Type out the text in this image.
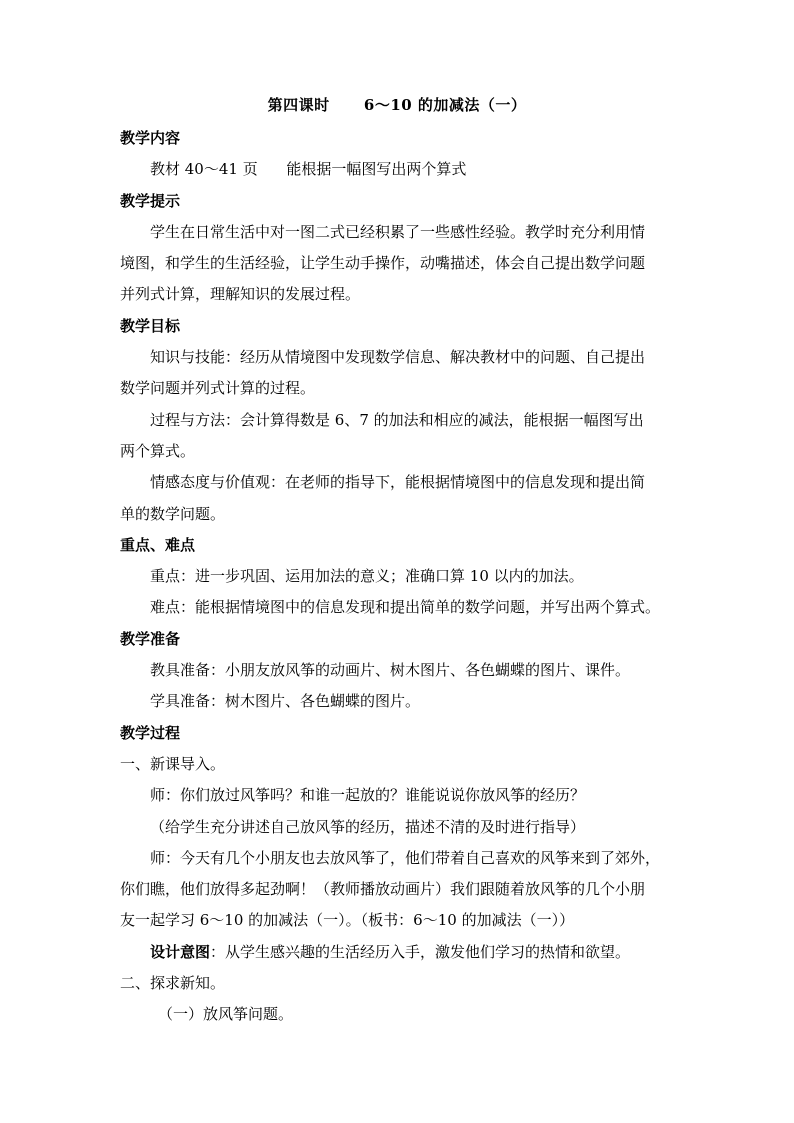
第四课时      6～10 的加减法（一）
教学内容
教材 40～41 页      能根据一幅图写出两个算式
教学提示
学生在日常生活中对一图二式已经积累了一些感性经验。教学时充分利用情
境图，和学生的生活经验，让学生动手操作，动嘴描述，体会自己提出数学问题
并列式计算，理解知识的发展过程。
教学目标
知识与技能：经历从情境图中发现数学信息、解决教材中的问题、自己提出
数学问题并列式计算的过程。
过程与方法：会计算得数是 6、7 的加法和相应的减法，能根据一幅图写出
两个算式。
情感态度与价值观：在老师的指导下，能根据情境图中的信息发现和提出简
单的数学问题。
重点、难点
重点：进一步巩固、运用加法的意义；准确口算 10 以内的加法。
难点：能根据情境图中的信息发现和提出简单的数学问题，并写出两个算式。
教学准备
教具准备：小朋友放风筝的动画片、树木图片、各色蝴蝶的图片、课件。
学具准备：树木图片、各色蝴蝶的图片。
教学过程
一、新课导入。
师：你们放过风筝吗？和谁一起放的？谁能说说你放风筝的经历？
（给学生充分讲述自己放风筝的经历，描述不清的及时进行指导）
师：今天有几个小朋友也去放风筝了，他们带着自己喜欢的风筝来到了郊外，
你们瞧，他们放得多起劲啊！（教师播放动画片）我们跟随着放风筝的几个小朋
友一起学习 6～10 的加减法（一）。（板书：6～10 的加减法（一））
设计意图：从学生感兴趣的生活经历入手，激发他们学习的热情和欲望。
二、探求新知。
（一）放风筝问题。
